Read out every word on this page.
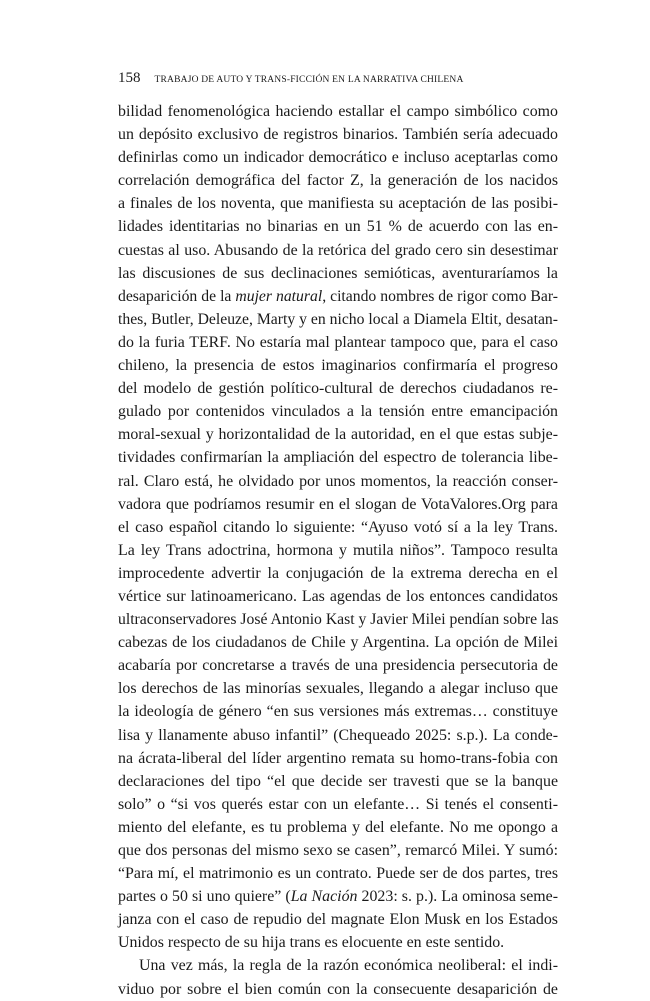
158 TRABAJO DE AUTO Y TRANS-FICCIÓN EN LA NARRATIVA CHILENA
bilidad fenomenológica haciendo estallar el campo simbólico como
un depósito exclusivo de registros binarios. También sería adecuado
definirlas como un indicador democrático e incluso aceptarlas como
correlación demográfica del factor Z, la generación de los nacidos
a finales de los noventa, que manifiesta su aceptación de las posibi-
lidades identitarias no binarias en un 51 % de acuerdo con las en-
cuestas al uso. Abusando de la retórica del grado cero sin desestimar
las discusiones de sus declinaciones semióticas, aventuraríamos la
desaparición de la mujer natural, citando nombres de rigor como Bar-
thes, Butler, Deleuze, Marty y en nicho local a Diamela Eltit, desatan-
do la furia TERF. No estaría mal plantear tampoco que, para el caso
chileno, la presencia de estos imaginarios confirmaría el progreso
del modelo de gestión político-cultural de derechos ciudadanos re-
gulado por contenidos vinculados a la tensión entre emancipación
moral-sexual y horizontalidad de la autoridad, en el que estas subje-
tividades confirmarían la ampliación del espectro de tolerancia libe-
ral. Claro está, he olvidado por unos momentos, la reacción conser-
vadora que podríamos resumir en el slogan de VotaValores.Org para
el caso español citando lo siguiente: “Ayuso votó sí a la ley Trans.
La ley Trans adoctrina, hormona y mutila niños”. Tampoco resulta
improcedente advertir la conjugación de la extrema derecha en el
vértice sur latinoamericano. Las agendas de los entonces candidatos
ultraconservadores José Antonio Kast y Javier Milei pendían sobre las
cabezas de los ciudadanos de Chile y Argentina. La opción de Milei
acabaría por concretarse a través de una presidencia persecutoria de
los derechos de las minorías sexuales, llegando a alegar incluso que
la ideología de género “en sus versiones más extremas… constituye
lisa y llanamente abuso infantil” (Chequeado 2025: s.p.). La conde-
na ácrata-liberal del líder argentino remata su homo-trans-fobia con
declaraciones del tipo “el que decide ser travesti que se la banque
solo” o “si vos querés estar con un elefante… Si tenés el consenti-
miento del elefante, es tu problema y del elefante. No me opongo a
que dos personas del mismo sexo se casen”, remarcó Milei. Y sumó:
“Para mí, el matrimonio es un contrato. Puede ser de dos partes, tres
partes o 50 si uno quiere” (La Nación 2023: s. p.). La ominosa seme-
janza con el caso de repudio del magnate Elon Musk en los Estados
Unidos respecto de su hija trans es elocuente en este sentido.
Una vez más, la regla de la razón económica neoliberal: el indi-
viduo por sobre el bien común con la consecuente desaparición de
